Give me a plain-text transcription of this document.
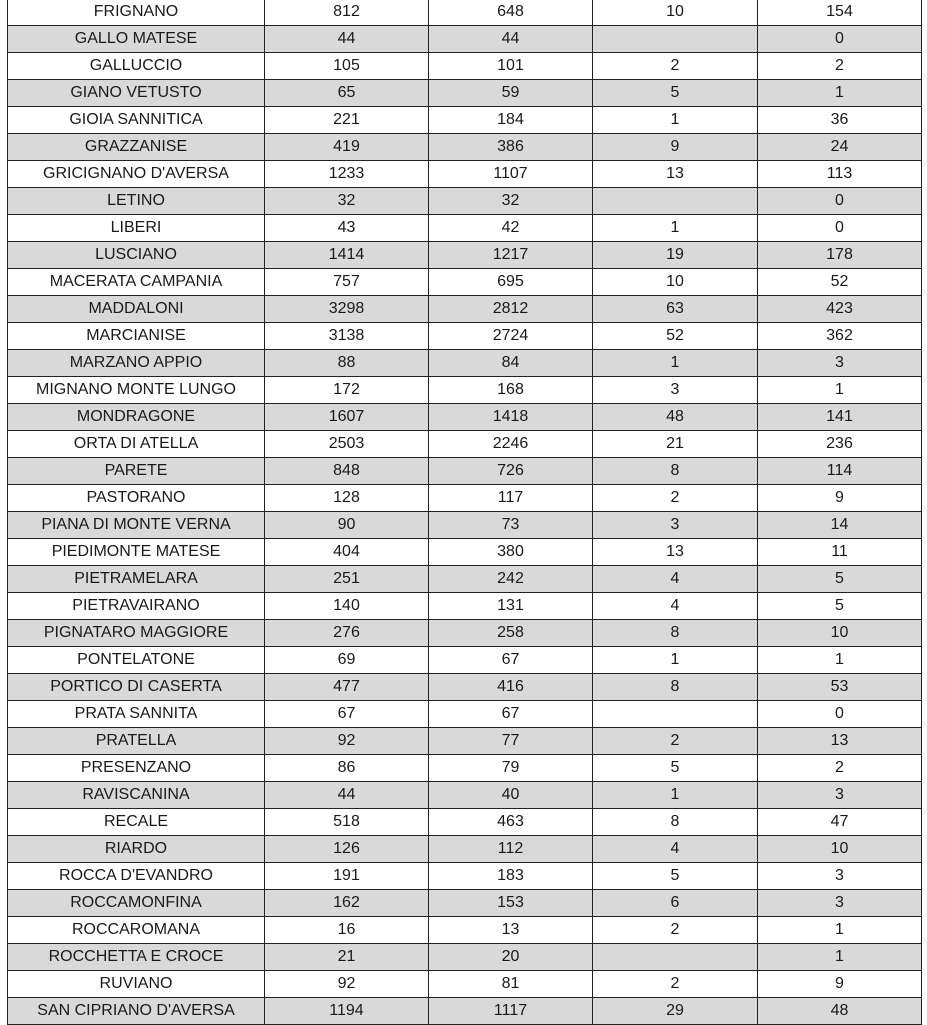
FRIGNANO	812	648	10	154
GALLO MATESE	44	44		0
GALLUCCIO	105	101	2	2
GIANO VETUSTO	65	59	5	1
GIOIA SANNITICA	221	184	1	36
GRAZZANISE	419	386	9	24
GRICIGNANO D'AVERSA	1233	1107	13	113
LETINO	32	32		0
LIBERI	43	42	1	0
LUSCIANO	1414	1217	19	178
MACERATA CAMPANIA	757	695	10	52
MADDALONI	3298	2812	63	423
MARCIANISE	3138	2724	52	362
MARZANO APPIO	88	84	1	3
MIGNANO MONTE LUNGO	172	168	3	1
MONDRAGONE	1607	1418	48	141
ORTA DI ATELLA	2503	2246	21	236
PARETE	848	726	8	114
PASTORANO	128	117	2	9
PIANA DI MONTE VERNA	90	73	3	14
PIEDIMONTE MATESE	404	380	13	11
PIETRAMELARA	251	242	4	5
PIETRAVAIRANO	140	131	4	5
PIGNATARO MAGGIORE	276	258	8	10
PONTELATONE	69	67	1	1
PORTICO DI CASERTA	477	416	8	53
PRATA SANNITA	67	67		0
PRATELLA	92	77	2	13
PRESENZANO	86	79	5	2
RAVISCANINA	44	40	1	3
RECALE	518	463	8	47
RIARDO	126	112	4	10
ROCCA D'EVANDRO	191	183	5	3
ROCCAMONFINA	162	153	6	3
ROCCAROMANA	16	13	2	1
ROCCHETTA E CROCE	21	20		1
RUVIANO	92	81	2	9
SAN CIPRIANO D'AVERSA	1194	1117	29	48
